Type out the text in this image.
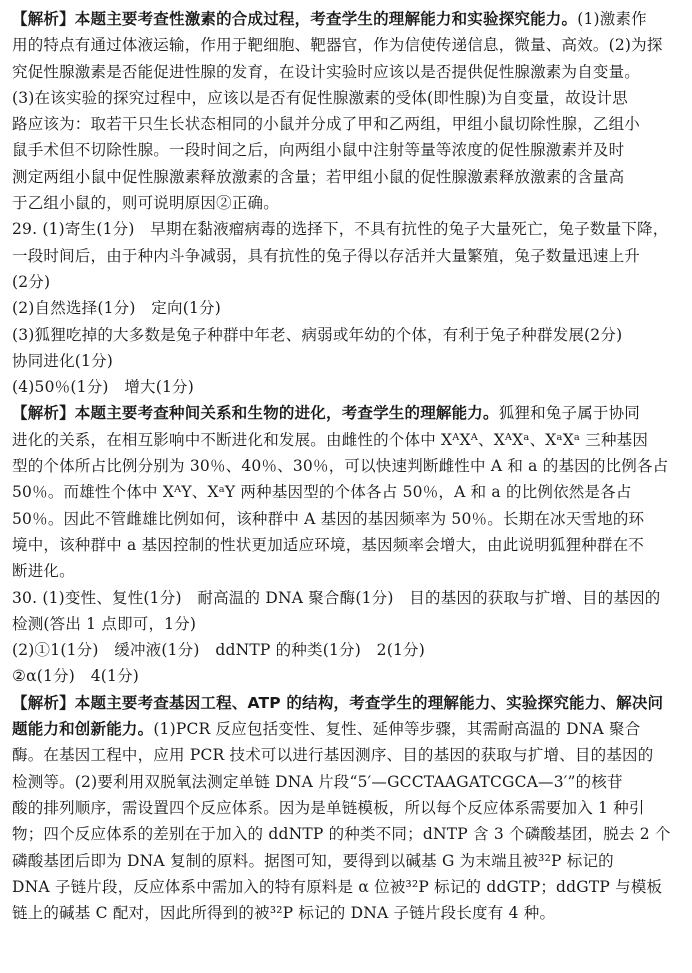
【解析】本题主要考查性激素的合成过程，考查学生的理解能力和实验探究能力。(1)激素作
用的特点有通过体液运输，作用于靶细胞、靶器官，作为信使传递信息，微量、高效。(2)为探
究促性腺激素是否能促进性腺的发育，在设计实验时应该以是否提供促性腺激素为自变量。
(3)在该实验的探究过程中，应该以是否有促性腺激素的受体(即性腺)为自变量，故设计思
路应该为：取若干只生长状态相同的小鼠并分成了甲和乙两组，甲组小鼠切除性腺，乙组小
鼠手术但不切除性腺。一段时间之后，向两组小鼠中注射等量等浓度的促性腺激素并及时
测定两组小鼠中促性腺激素释放激素的含量；若甲组小鼠的促性腺激素释放激素的含量高
于乙组小鼠的，则可说明原因②正确。
29. (1)寄生(1分)　早期在黏液瘤病毒的选择下，不具有抗性的兔子大量死亡，兔子数量下降，
一段时间后，由于种内斗争减弱，具有抗性的兔子得以存活并大量繁殖，兔子数量迅速上升
(2分)
(2)自然选择(1分)　定向(1分)
(3)狐狸吃掉的大多数是兔子种群中年老、病弱或年幼的个体，有利于兔子种群发展(2分)
协同进化(1分)
(4)50％(1分)　增大(1分)
【解析】本题主要考查种间关系和生物的进化，考查学生的理解能力。狐狸和兔子属于协同
进化的关系，在相互影响中不断进化和发展。由雌性的个体中 XᴬXᴬ、XᴬXᵃ、XᵃXᵃ 三种基因
型的个体所占比例分别为 30％、40％、30％，可以快速判断雌性中 A 和 a 的基因的比例各占
50％。而雄性个体中 XᴬY、XᵃY 两种基因型的个体各占 50％，A 和 a 的比例依然是各占
50％。因此不管雌雄比例如何，该种群中 A 基因的基因频率为 50％。长期在冰天雪地的环
境中，该种群中 a 基因控制的性状更加适应环境，基因频率会增大，由此说明狐狸种群在不
断进化。
30. (1)变性、复性(1分)　耐高温的 DNA 聚合酶(1分)　目的基因的获取与扩增、目的基因的
检测(答出 1 点即可，1分)
(2)①1(1分)　缓冲液(1分)　ddNTP 的种类(1分)　2(1分)
②α(1分)　4(1分)
【解析】本题主要考查基因工程、ATP 的结构，考查学生的理解能力、实验探究能力、解决问
题能力和创新能力。(1)PCR 反应包括变性、复性、延伸等步骤，其需耐高温的 DNA 聚合
酶。在基因工程中，应用 PCR 技术可以进行基因测序、目的基因的获取与扩增、目的基因的
检测等。(2)要利用双脱氧法测定单链 DNA 片段“5′—GCCTAAGATCGCA—3′”的核苷
酸的排列顺序，需设置四个反应体系。因为是单链模板，所以每个反应体系需要加入 1 种引
物；四个反应体系的差别在于加入的 ddNTP 的种类不同；dNTP 含 3 个磷酸基团，脱去 2 个
磷酸基团后即为 DNA 复制的原料。据图可知，要得到以碱基 G 为末端且被³²P 标记的
DNA 子链片段，反应体系中需加入的特有原料是 α 位被³²P 标记的 ddGTP；ddGTP 与模板
链上的碱基 C 配对，因此所得到的被³²P 标记的 DNA 子链片段长度有 4 种。
